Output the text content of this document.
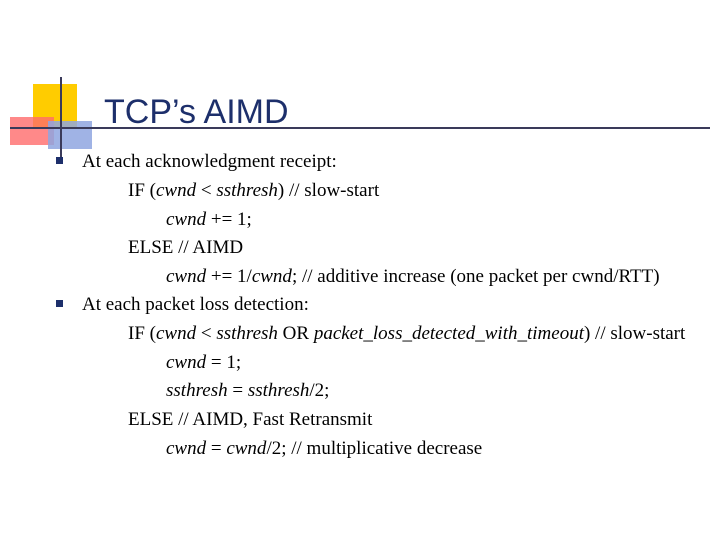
TCP’s AIMD
At each acknowledgment receipt:
IF (cwnd < ssthresh) // slow-start
cwnd += 1;
ELSE // AIMD
cwnd += 1/cwnd; // additive increase (one packet per cwnd/RTT)
At each packet loss detection:
IF (cwnd < ssthresh OR packet_loss_detected_with_timeout) // slow-start
cwnd = 1;
ssthresh = ssthresh/2;
ELSE // AIMD, Fast Retransmit
cwnd = cwnd/2; // multiplicative decrease
